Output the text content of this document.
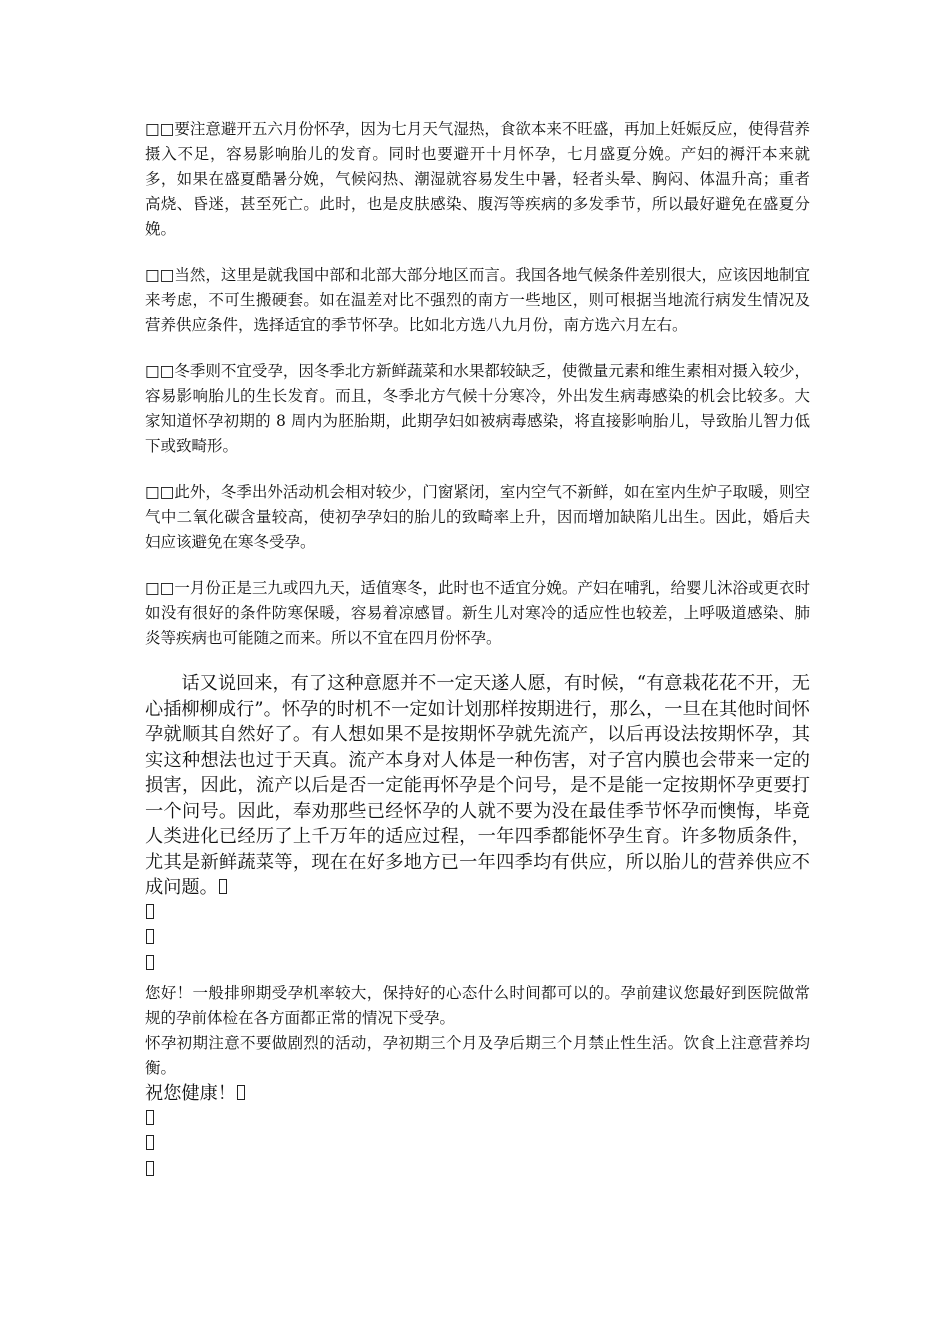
□□要注意避开五六月份怀孕，因为七月天气湿热，食欲本来不旺盛，再加上妊娠反应，使得营养摄入不足，容易影响胎儿的发育。同时也要避开十月怀孕，七月盛夏分娩。产妇的褥汗本来就多，如果在盛夏酷暑分娩，气候闷热、潮湿就容易发生中暑，轻者头晕、胸闷、体温升高；重者高烧、昏迷，甚至死亡。此时，也是皮肤感染、腹泻等疾病的多发季节，所以最好避免在盛夏分娩。

□□当然，这里是就我国中部和北部大部分地区而言。我国各地气候条件差别很大，应该因地制宜来考虑，不可生搬硬套。如在温差对比不强烈的南方一些地区，则可根据当地流行病发生情况及营养供应条件，选择适宜的季节怀孕。比如北方选八九月份，南方选六月左右。

□□冬季则不宜受孕，因冬季北方新鲜蔬菜和水果都较缺乏，使微量元素和维生素相对摄入较少，容易影响胎儿的生长发育。而且，冬季北方气候十分寒冷，外出发生病毒感染的机会比较多。大家知道怀孕初期的 8 周内为胚胎期，此期孕妇如被病毒感染，将直接影响胎儿，导致胎儿智力低下或致畸形。

□□此外，冬季出外活动机会相对较少，门窗紧闭，室内空气不新鲜，如在室内生炉子取暖，则空气中二氧化碳含量较高，使初孕孕妇的胎儿的致畸率上升，因而增加缺陷儿出生。因此，婚后夫妇应该避免在寒冬受孕。

□□一月份正是三九或四九天，适值寒冬，此时也不适宜分娩。产妇在哺乳，给婴儿沐浴或更衣时如没有很好的条件防寒保暖，容易着凉感冒。新生儿对寒冷的适应性也较差，上呼吸道感染、肺炎等疾病也可能随之而来。所以不宜在四月份怀孕。

话又说回来，有了这种意愿并不一定天遂人愿，有时候，“有意栽花花不开，无心插柳柳成行”。怀孕的时机不一定如计划那样按期进行，那么，一旦在其他时间怀孕就顺其自然好了。有人想如果不是按期怀孕就先流产，以后再设法按期怀孕，其实这种想法也过于天真。流产本身对人体是一种伤害，对子宫内膜也会带来一定的损害，因此，流产以后是否一定能再怀孕是个问号，是不是能一定按期怀孕更要打一个问号。因此，奉劝那些已经怀孕的人就不要为没在最佳季节怀孕而懊悔，毕竟人类进化已经历了上千万年的适应过程，一年四季都能怀孕生育。许多物质条件，尤其是新鲜蔬菜等，现在在好多地方已一年四季均有供应，所以胎儿的营养供应不成问题。

您好！一般排卵期受孕机率较大，保持好的心态什么时间都可以的。孕前建议您最好到医院做常规的孕前体检在各方面都正常的情况下受孕。

怀孕初期注意不要做剧烈的活动，孕初期三个月及孕后期三个月禁止性生活。饮食上注意营养均衡。

祝您健康！
